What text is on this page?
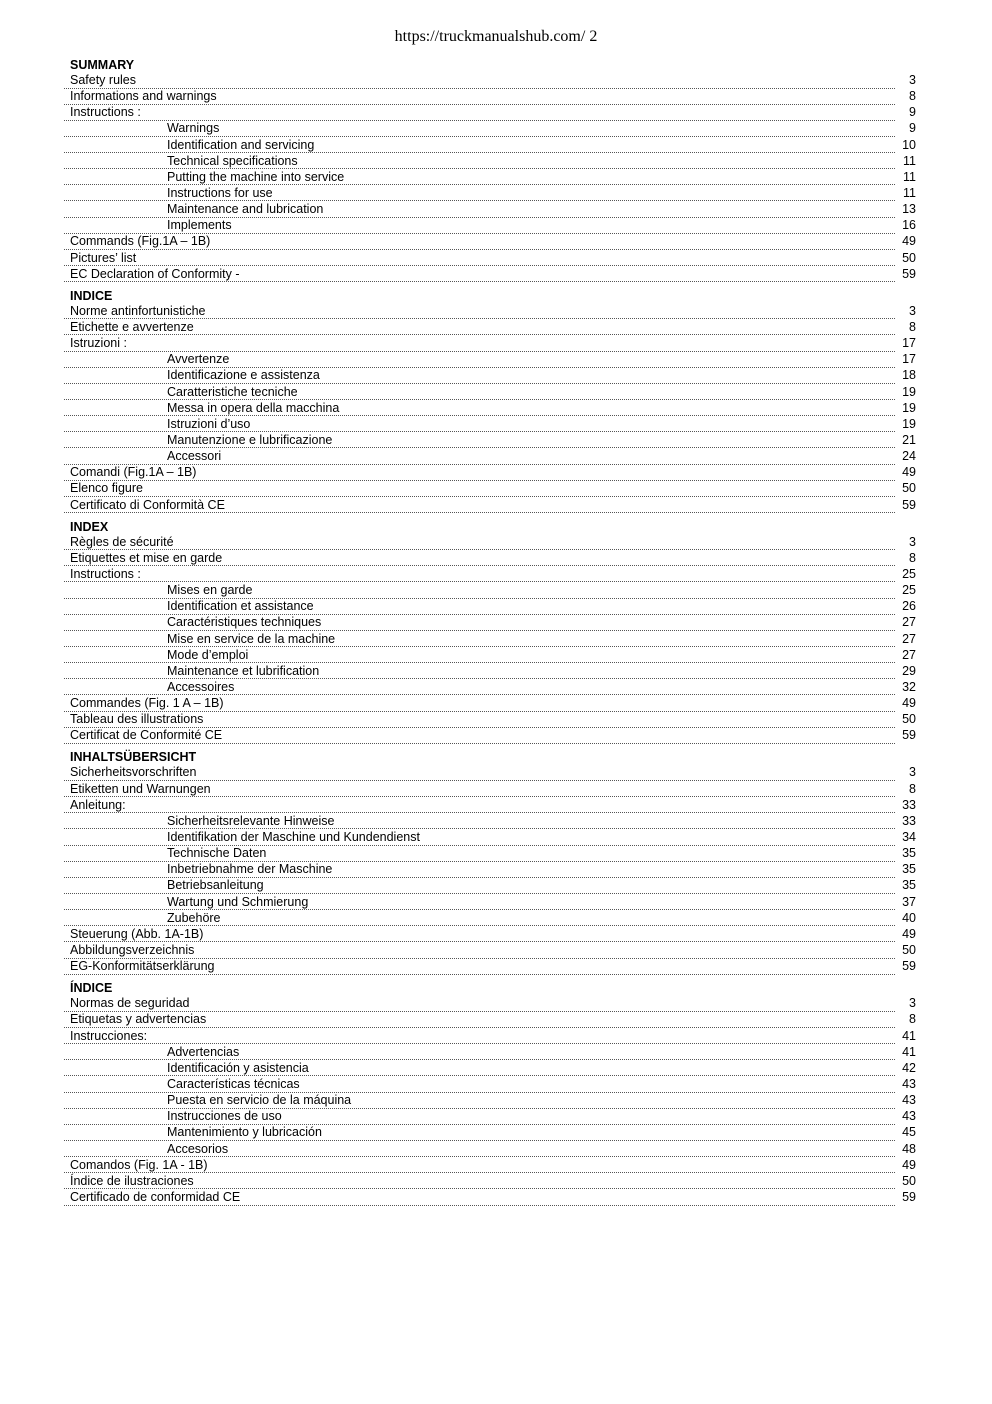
https://truckmanualshub.com/ 2
SUMMARY
Safety rules	3
Informations and warnings	8
Instructions :	9
Warnings	9
Identification and servicing	10
Technical specifications	11
Putting the machine into service	11
Instructions for use	11
Maintenance and lubrication	13
Implements	16
Commands (Fig.1A – 1B)	49
Pictures’ list	50
EC Declaration of Conformity -	59
INDICE
Norme antinfortunistiche	3
Etichette e avvertenze	8
Istruzioni :	17
Avvertenze	17
Identificazione e assistenza	18
Caratteristiche tecniche	19
Messa in opera della macchina	19
Istruzioni d’uso	19
Manutenzione e lubrificazione	21
Accessori	24
Comandi (Fig.1A – 1B)	49
Elenco figure	50
Certificato di Conformità CE	59
INDEX
Règles de sécurité	3
Etiquettes et mise en garde	8
Instructions :	25
Mises en garde	25
Identification et assistance	26
Caractéristiques techniques	27
Mise en service de la machine	27
Mode d’emploi	27
Maintenance et lubrification	29
Accessoires	32
Commandes (Fig. 1 A – 1B)	49
Tableau des illustrations	50
Certificat de Conformité CE	59
INHALTSÜBERSICHT
Sicherheitsvorschriften	3
Etiketten und Warnungen	8
Anleitung:	33
Sicherheitsrelevante Hinweise	33
Identifikation der Maschine und Kundendienst	34
Technische Daten	35
Inbetriebnahme der Maschine	35
Betriebsanleitung	35
Wartung und Schmierung	37
Zubehöre	40
Steuerung (Abb. 1A-1B)	49
Abbildungsverzeichnis	50
EG-Konformitätserklärung	59
ÍNDICE
Normas de seguridad	3
Etiquetas y advertencias	8
Instrucciones:	41
Advertencias	41
Identificación y asistencia	42
Características técnicas	43
Puesta en servicio de la máquina	43
Instrucciones de uso	43
Mantenimiento y lubricación	45
Accesorios	48
Comandos (Fig. 1A - 1B)	49
Índice de ilustraciones	50
Certificado de conformidad CE	59
